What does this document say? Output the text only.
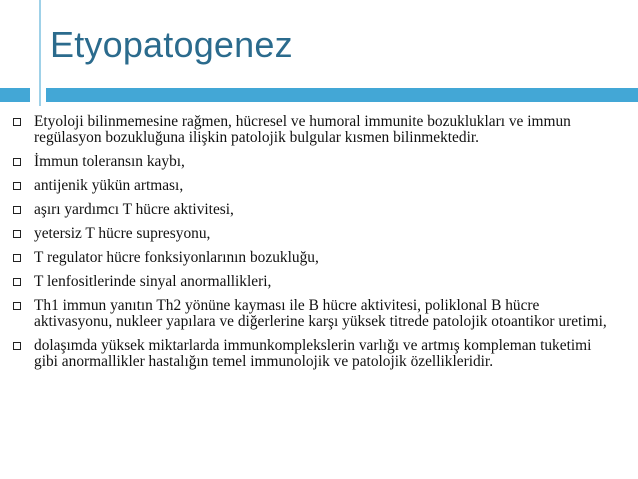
Etyopatogenez
Etyoloji bilinmemesine rağmen, hücresel ve humoral immunite bozuklukları ve immun regülasyon bozukluğuna ilişkin patolojik bulgular kısmen bilinmektedir.
İmmun toleransın kaybı,
antijenik yükün artması,
aşırı yardımcı T hücre aktivitesi,
yetersiz T hücre supresyonu,
T regulator hücre fonksiyonlarının bozukluğu,
T lenfositlerinde sinyal anormallikleri,
Th1 immun yanıtın Th2 yönüne kayması ile B hücre aktivitesi, poliklonal B hücre aktivasyonu, nukleer yapılara ve diğerlerine karşı yüksek titrede patolojik otoantikor uretimi,
dolaşımda yüksek miktarlarda immunkomplekslerin varlığı ve artmış kompleman tuketimi gibi anormallikler hastalığın temel immunolojik ve patolojik özellikleridir.
